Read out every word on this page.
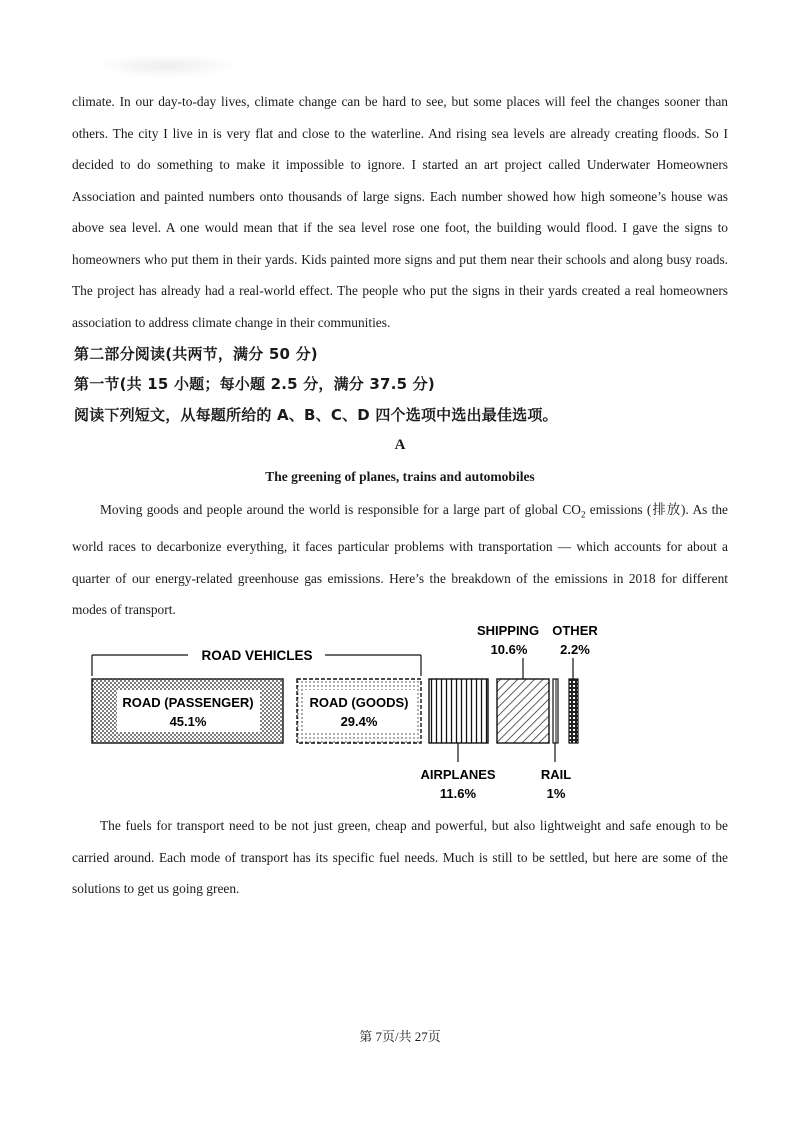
climate. In our day-to-day lives, climate change can be hard to see, but some places will feel the changes sooner than others. The city I live in is very flat and close to the waterline. And rising sea levels are already creating floods. So I decided to do something to make it impossible to ignore. I started an art project called Underwater Homeowners Association and painted numbers onto thousands of large signs. Each number showed how high someone’s house was above sea level. A one would mean that if the sea level rose one foot, the building would flood. I gave the signs to homeowners who put them in their yards. Kids painted more signs and put them near their schools and along busy roads. The project has already had a real-world effect. The people who put the signs in their yards created a real homeowners association to address climate change in their communities.

第二部分阅读(共两节，满分 50 分)

第一节(共 15 小题；每小题 2.5 分，满分 37.5 分)

阅读下列短文，从每题所给的 A、B、C、D 四个选项中选出最佳选项。

A

The greening of planes, trains and automobiles

Moving goods and people around the world is responsible for a large part of global $CO_2$ emissions (排放). As the world races to decarbonize everything, it faces particular problems with transportation — which accounts for about a quarter of our energy-related greenhouse gas emissions. Here’s the breakdown of the emissions in 2018 for different modes of transport.

ROAD VEHICLES
ROAD (PASSENGER)
45.1%
ROAD (GOODS)
29.4%
AIRPLANES
11.6%
SHIPPING
10.6%
RAIL
1%
OTHER
2.2%

The fuels for transport need to be not just green, cheap and powerful, but also lightweight and safe enough to be carried around. Each mode of transport has its specific fuel needs. Much is still to be settled, but here are some of the solutions to get us going green.

第 7页/共 27页
